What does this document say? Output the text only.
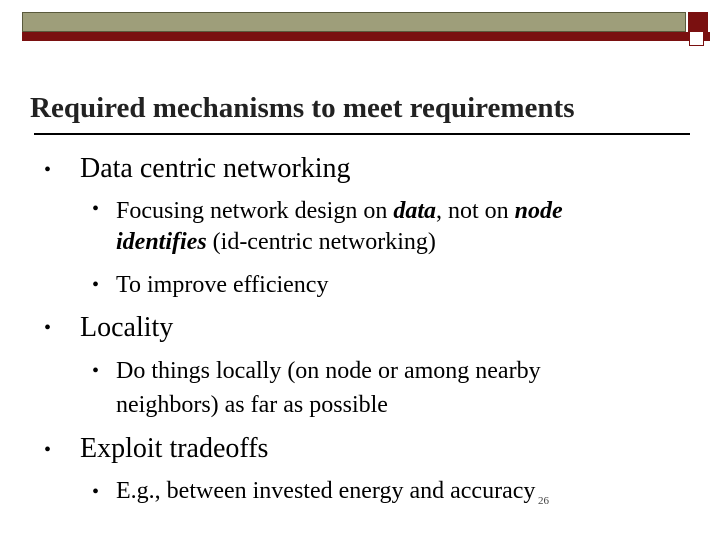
Required mechanisms to meet requirements
• Data centric networking
• Focusing network design on data, not on node
identifies (id-centric networking)
• To improve efficiency
• Locality
• Do things locally (on node or among nearby
neighbors) as far as possible
• Exploit tradeoffs
• E.g., between invested energy and accuracy 26
